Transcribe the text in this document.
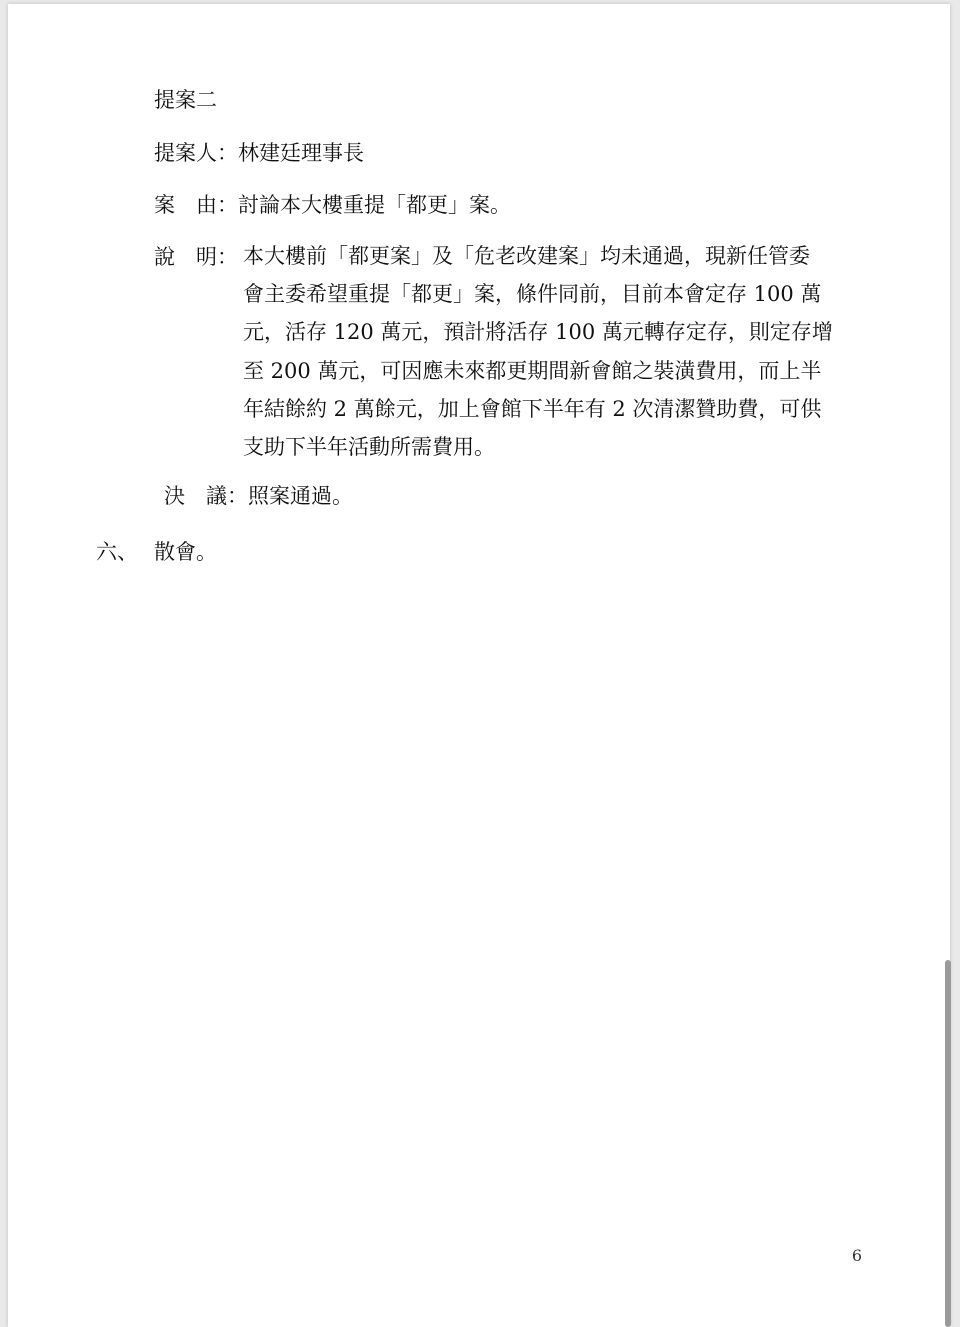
提案二
提案人：林建廷理事長
案　由：討論本大樓重提「都更」案。
說　明： 本大樓前「都更案」及「危老改建案」均未通過，現新任管委
會主委希望重提「都更」案，條件同前，目前本會定存 100 萬
元，活存 120 萬元，預計將活存 100 萬元轉存定存，則定存增
至 200 萬元，可因應未來都更期間新會館之裝潢費用，而上半
年結餘約 2 萬餘元，加上會館下半年有 2 次清潔贊助費，可供
支助下半年活動所需費用。
決　議：照案通過。
六、 散會。
6
